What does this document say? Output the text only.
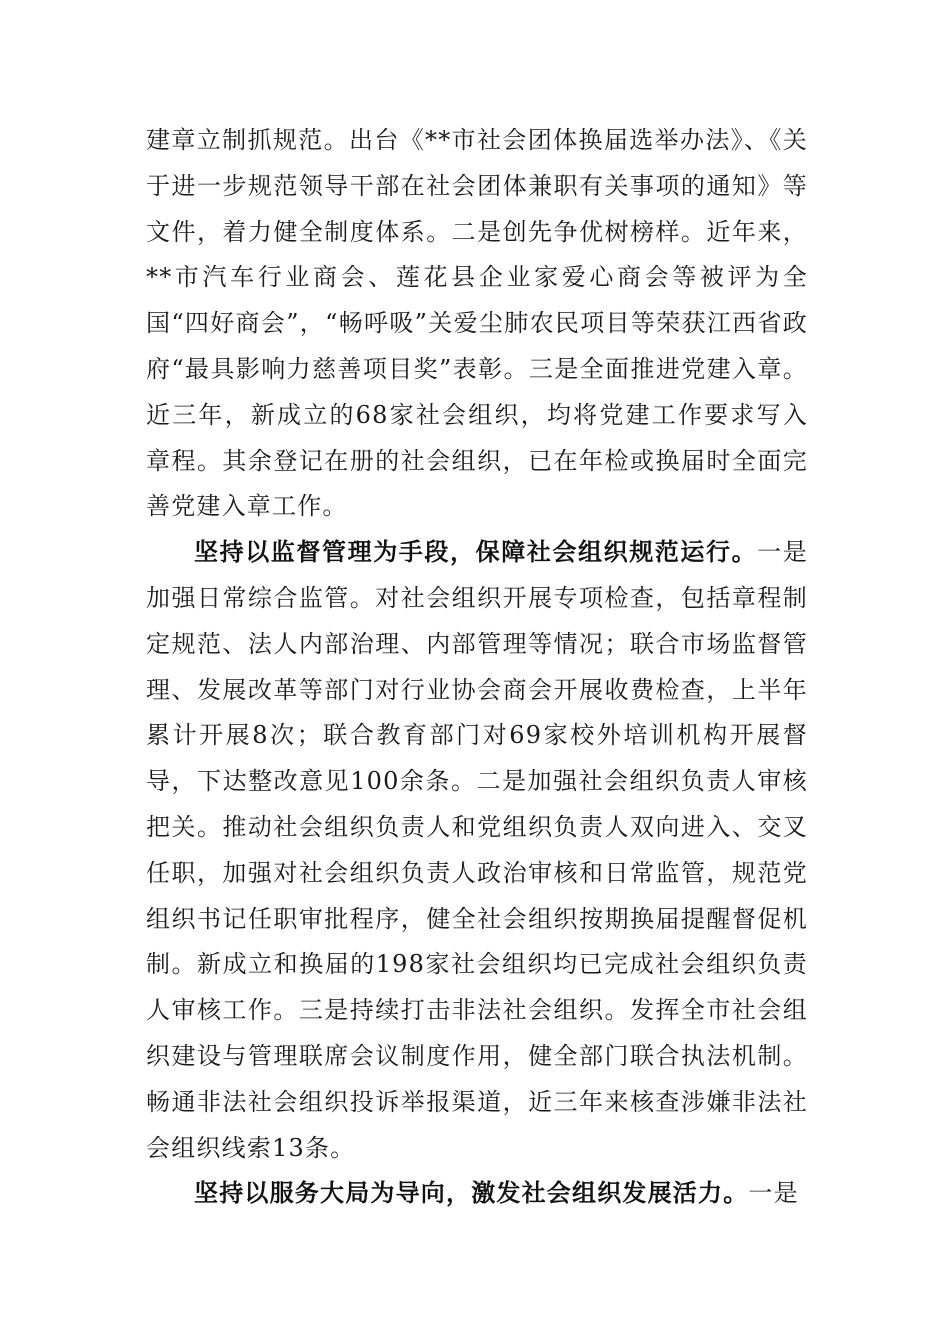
建章立制抓规范。出台《**市社会团体换届选举办法》、《关于进一步规范领导干部在社会团体兼职有关事项的通知》等文件，着力健全制度体系。二是创先争优树榜样。近年来，**市汽车行业商会、莲花县企业家爱心商会等被评为全国“四好商会”，“畅呼吸”关爱尘肺农民项目等荣获江西省政府“最具影响力慈善项目奖”表彰。三是全面推进党建入章。近三年，新成立的68家社会组织，均将党建工作要求写入章程。其余登记在册的社会组织，已在年检或换届时全面完善党建入章工作。

坚持以监督管理为手段，保障社会组织规范运行。一是加强日常综合监管。对社会组织开展专项检查，包括章程制定规范、法人内部治理、内部管理等情况；联合市场监督管理、发展改革等部门对行业协会商会开展收费检查，上半年累计开展8次；联合教育部门对69家校外培训机构开展督导，下达整改意见100余条。二是加强社会组织负责人审核把关。推动社会组织负责人和党组织负责人双向进入、交叉任职，加强对社会组织负责人政治审核和日常监管，规范党组织书记任职审批程序，健全社会组织按期换届提醒督促机制。新成立和换届的198家社会组织均已完成社会组织负责人审核工作。三是持续打击非法社会组织。发挥全市社会组织建设与管理联席会议制度作用，健全部门联合执法机制。畅通非法社会组织投诉举报渠道，近三年来核查涉嫌非法社会组织线索13条。

坚持以服务大局为导向，激发社会组织发展活力。一是
